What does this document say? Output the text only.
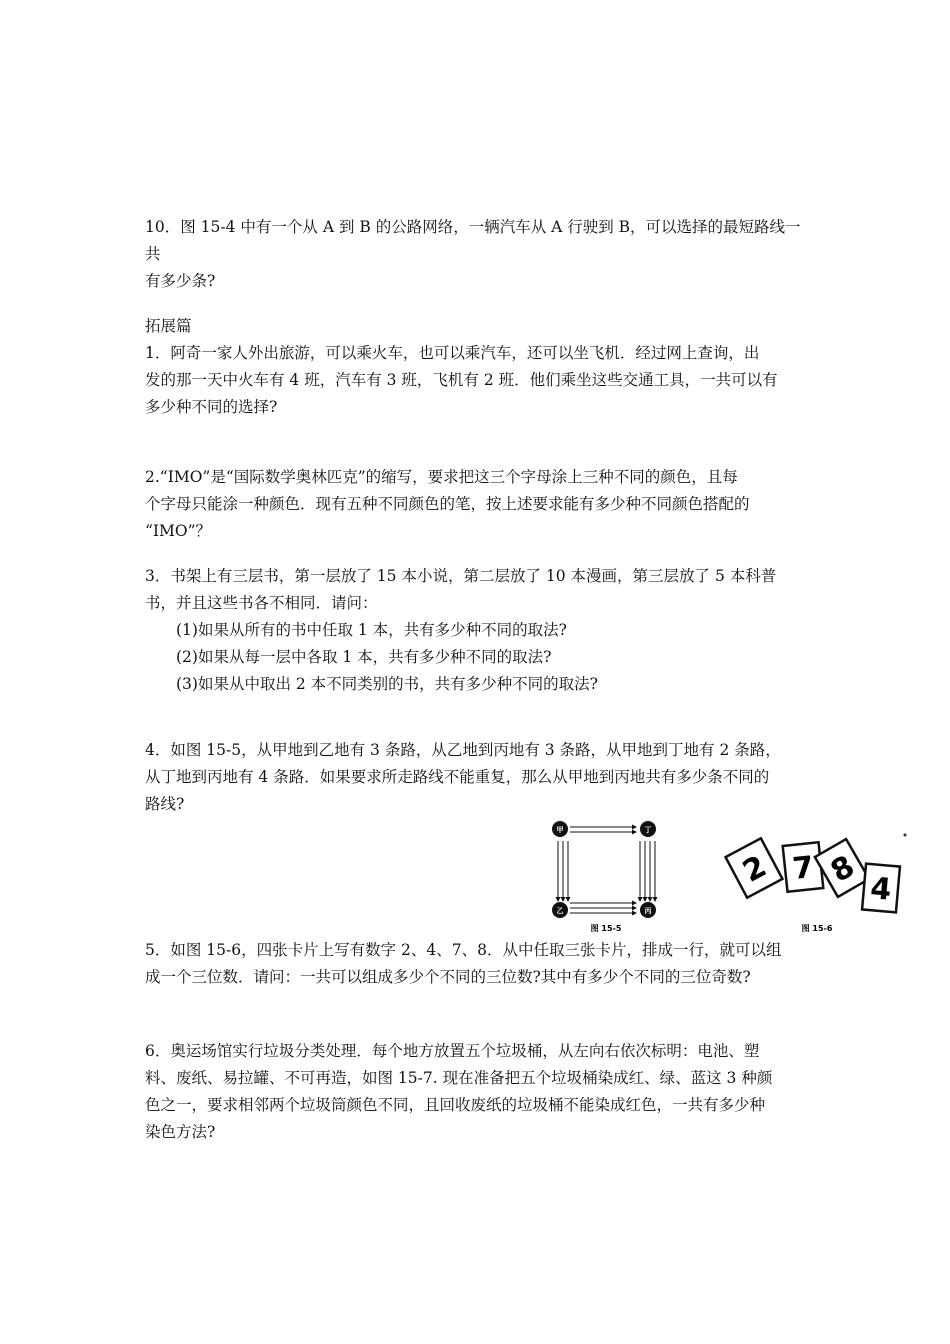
10．图 15-4 中有一个从 A 到 B 的公路网络，一辆汽车从 A 行驶到 B，可以选择的最短路线一共

有多少条?

拓展篇

1．阿奇一家人外出旅游，可以乘火车，也可以乘汽车，还可以坐飞机．经过网上查询，出

发的那一天中火车有 4 班，汽车有 3 班，飞机有 2 班．他们乘坐这些交通工具，一共可以有

多少种不同的选择?

2.“IMO”是“国际数学奥林匹克”的缩写，要求把这三个字母涂上三种不同的颜色，且每

个字母只能涂一种颜色．现有五种不同颜色的笔，按上述要求能有多少种不同颜色搭配的

“IMO”？

3．书架上有三层书，第一层放了 15 本小说，第二层放了 10 本漫画，第三层放了 5 本科普

书，并且这些书各不相同．请问：

(1)如果从所有的书中任取 1 本，共有多少种不同的取法?

(2)如果从每一层中各取 1 本，共有多少种不同的取法?

(3)如果从中取出 2 本不同类别的书，共有多少种不同的取法?

4．如图 15-5，从甲地到乙地有 3 条路，从乙地到丙地有 3 条路，从甲地到丁地有 2 条路，

从丁地到丙地有 4 条路．如果要求所走路线不能重复，那么从甲地到丙地共有多少条不同的

路线?

甲	丁
乙	丙
图 15-5
2 7 8 4
图 15-6

5．如图 15-6，四张卡片上写有数字 2、4、7、8．从中任取三张卡片，排成一行，就可以组

成一个三位数．请问：一共可以组成多少个不同的三位数?其中有多少个不同的三位奇数?

6．奥运场馆实行垃圾分类处理．每个地方放置五个垃圾桶，从左向右依次标明：电池、塑

料、废纸、易拉罐、不可再造，如图 15-7. 现在准备把五个垃圾桶染成红、绿、蓝这 3 种颜

色之一，要求相邻两个垃圾筒颜色不同，且回收废纸的垃圾桶不能染成红色，一共有多少种

染色方法?
